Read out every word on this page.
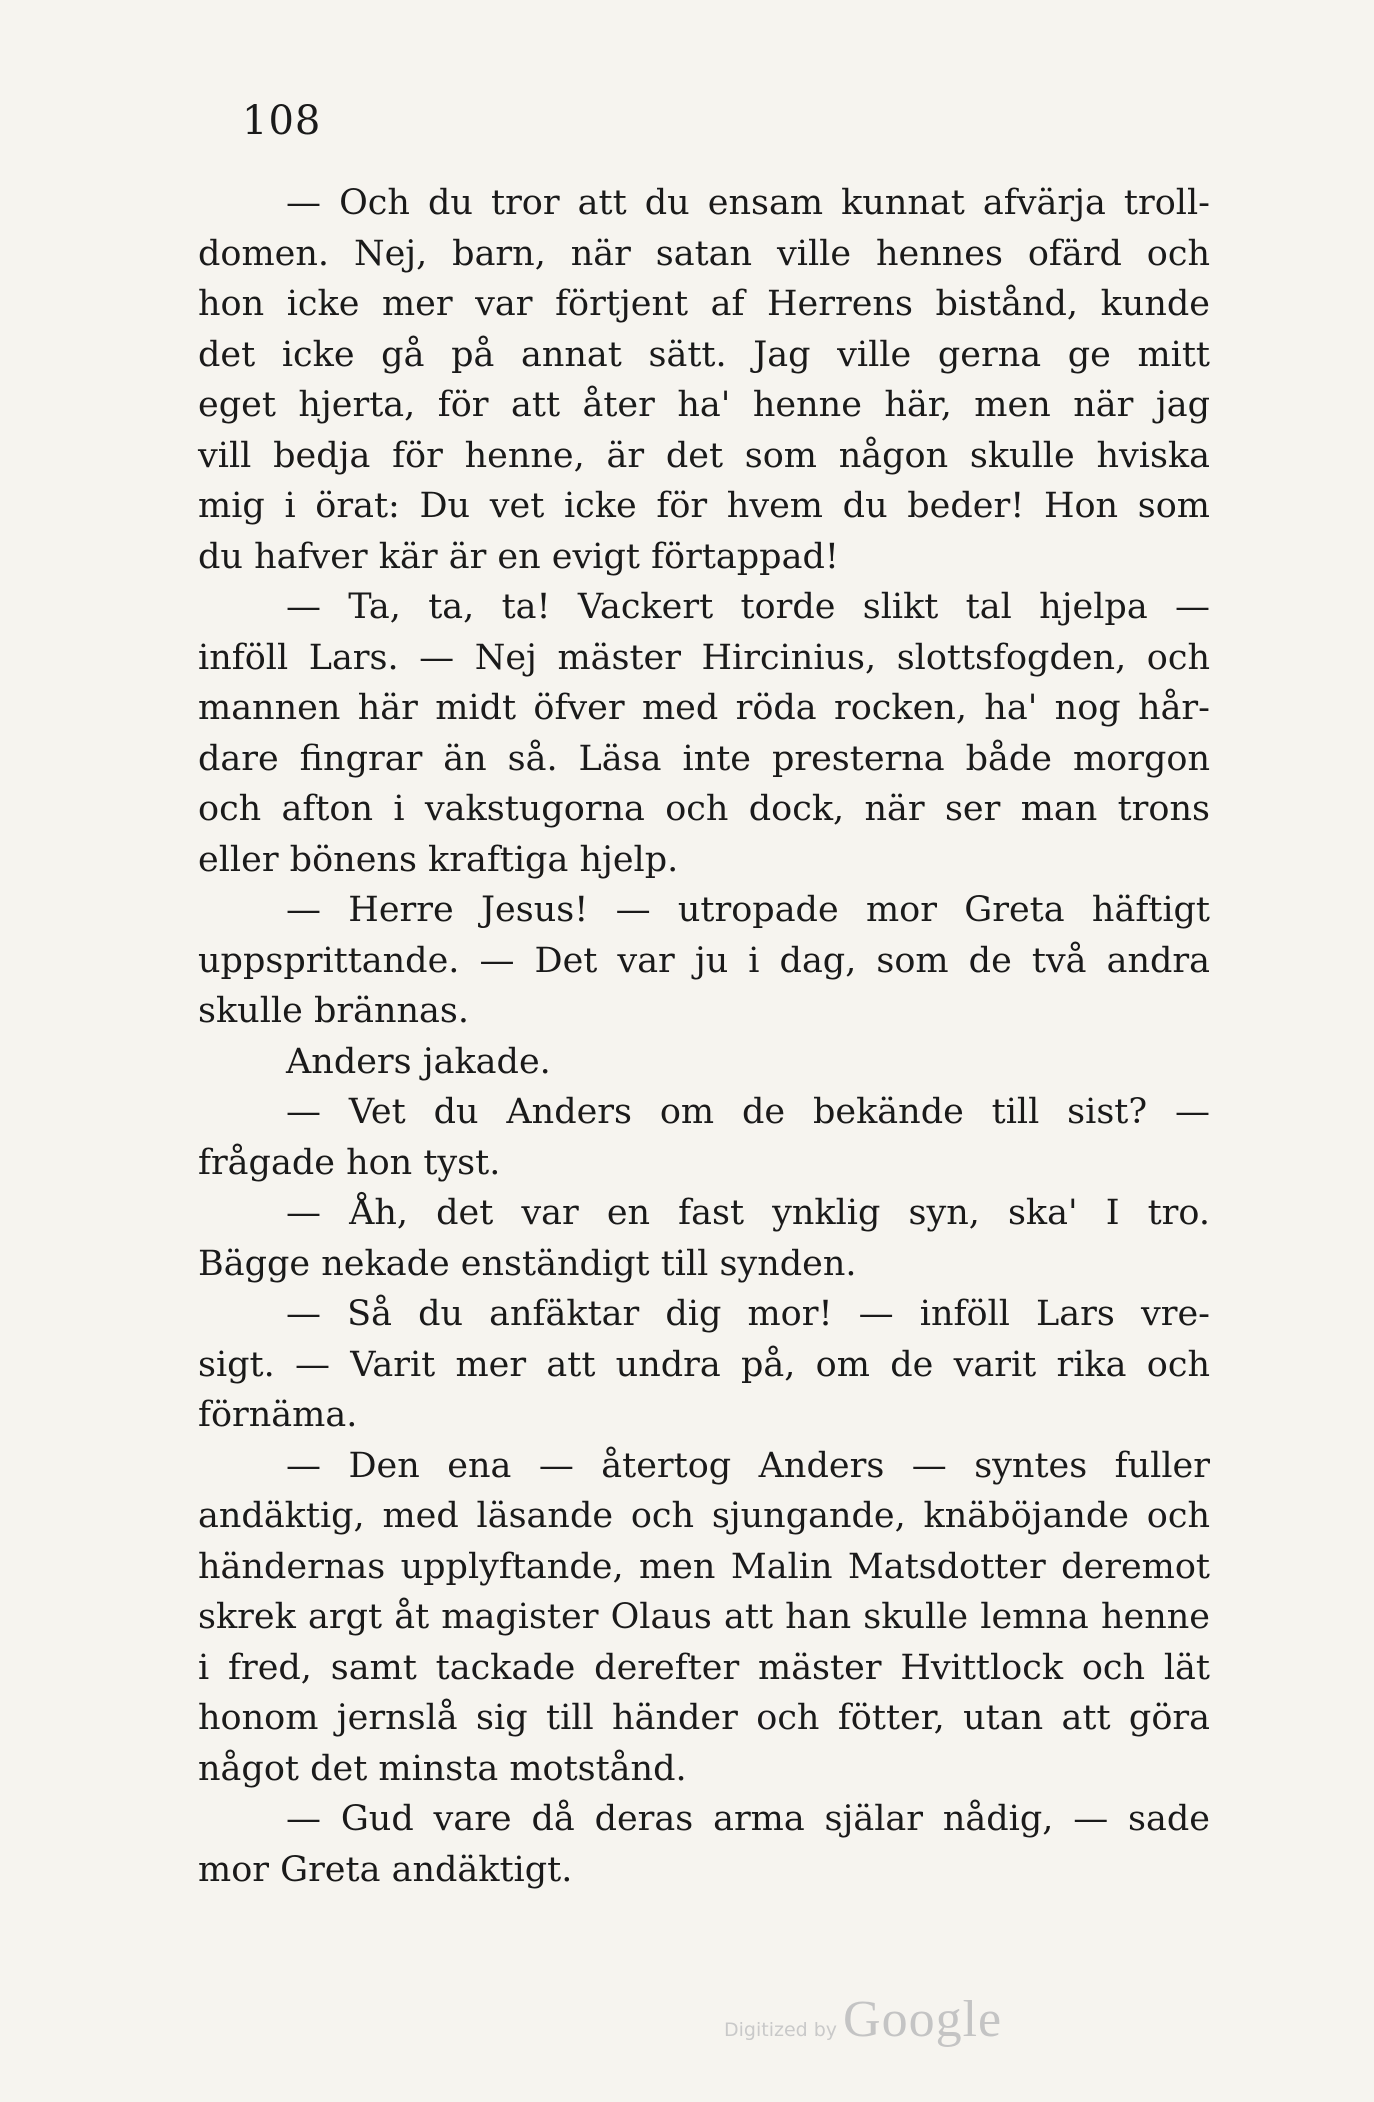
108
— Och du tror att du ensam kunnat afvärja troll-
domen. Nej, barn, när satan ville hennes ofärd och
hon icke mer var förtjent af Herrens bistånd, kunde
det icke gå på annat sätt. Jag ville gerna ge mitt
eget hjerta, för att åter ha' henne här, men när jag
vill bedja för henne, är det som någon skulle hviska
mig i örat: Du vet icke för hvem du beder! Hon som
du hafver kär är en evigt förtappad!
— Ta, ta, ta! Vackert torde slikt tal hjelpa —
inföll Lars. — Nej mäster Hircinius, slottsfogden, och
mannen här midt öfver med röda rocken, ha' nog hår-
dare fingrar än så. Läsa inte presterna både morgon
och afton i vakstugorna och dock, när ser man trons
eller bönens kraftiga hjelp.
— Herre Jesus! — utropade mor Greta häftigt
uppsprittande. — Det var ju i dag, som de två andra
skulle brännas.
Anders jakade.
— Vet du Anders om de bekände till sist? —
frågade hon tyst.
— Åh, det var en fast ynklig syn, ska' I tro.
Bägge nekade enständigt till synden.
— Så du anfäktar dig mor! — inföll Lars vre-
sigt. — Varit mer att undra på, om de varit rika och
förnäma.
— Den ena — återtog Anders — syntes fuller
andäktig, med läsande och sjungande, knäböjande och
händernas upplyftande, men Malin Matsdotter deremot
skrek argt åt magister Olaus att han skulle lemna henne
i fred, samt tackade derefter mäster Hvittlock och lät
honom jernslå sig till händer och fötter, utan att göra
något det minsta motstånd.
— Gud vare då deras arma själar nådig, — sade
mor Greta andäktigt.
Digitized by Google
